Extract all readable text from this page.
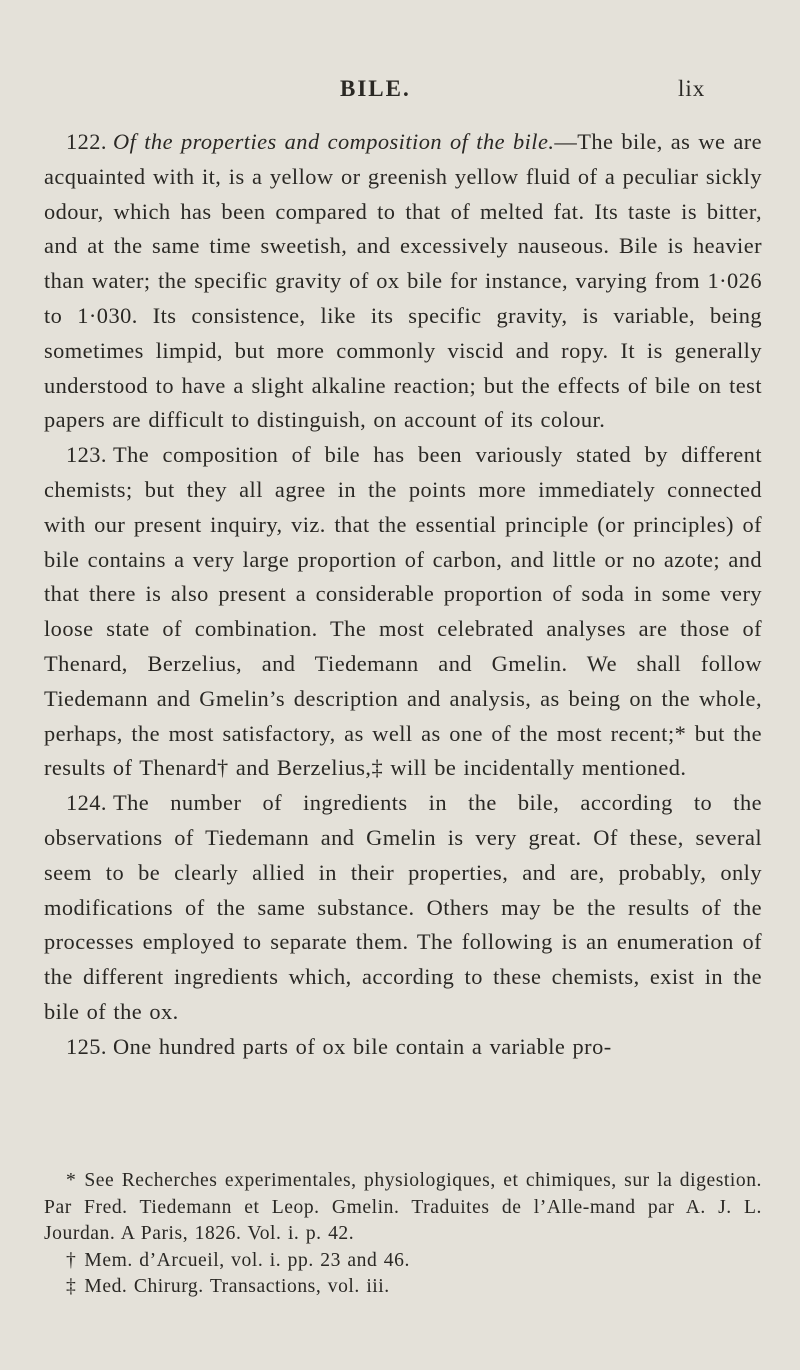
BILE.	lix

122. Of the properties and composition of the bile.—The bile, as we are acquainted with it, is a yellow or greenish yellow fluid of a peculiar sickly odour, which has been compared to that of melted fat. Its taste is bitter, and at the same time sweetish, and excessively nauseous. Bile is heavier than water; the specific gravity of ox bile for instance, varying from 1·026 to 1·030. Its consistence, like its specific gravity, is variable, being sometimes limpid, but more commonly viscid and ropy. It is generally understood to have a slight alkaline reaction; but the effects of bile on test papers are difficult to distinguish, on account of its colour.

123. The composition of bile has been variously stated by different chemists; but they all agree in the points more immediately connected with our present inquiry, viz. that the essential principle (or principles) of bile contains a very large proportion of carbon, and little or no azote; and that there is also present a considerable proportion of soda in some very loose state of combination. The most celebrated analyses are those of Thenard, Berzelius, and Tiedemann and Gmelin. We shall follow Tiedemann and Gmelin’s description and analysis, as being on the whole, perhaps, the most satisfactory, as well as one of the most recent;* but the results of Thenard† and Berzelius,‡ will be incidentally mentioned.

124. The number of ingredients in the bile, according to the observations of Tiedemann and Gmelin is very great. Of these, several seem to be clearly allied in their properties, and are, probably, only modifications of the same substance. Others may be the results of the processes employed to separate them. The following is an enumeration of the different ingredients which, according to these chemists, exist in the bile of the ox.

125. One hundred parts of ox bile contain a variable pro-

* See Recherches experimentales, physiologiques, et chimiques, sur la digestion. Par Fred. Tiedemann et Leop. Gmelin. Traduites de l’Alle-mand par A. J. L. Jourdan. A Paris, 1826. Vol. i. p. 42.

† Mem. d’Arcueil, vol. i. pp. 23 and 46.

‡ Med. Chirurg. Transactions, vol. iii.
